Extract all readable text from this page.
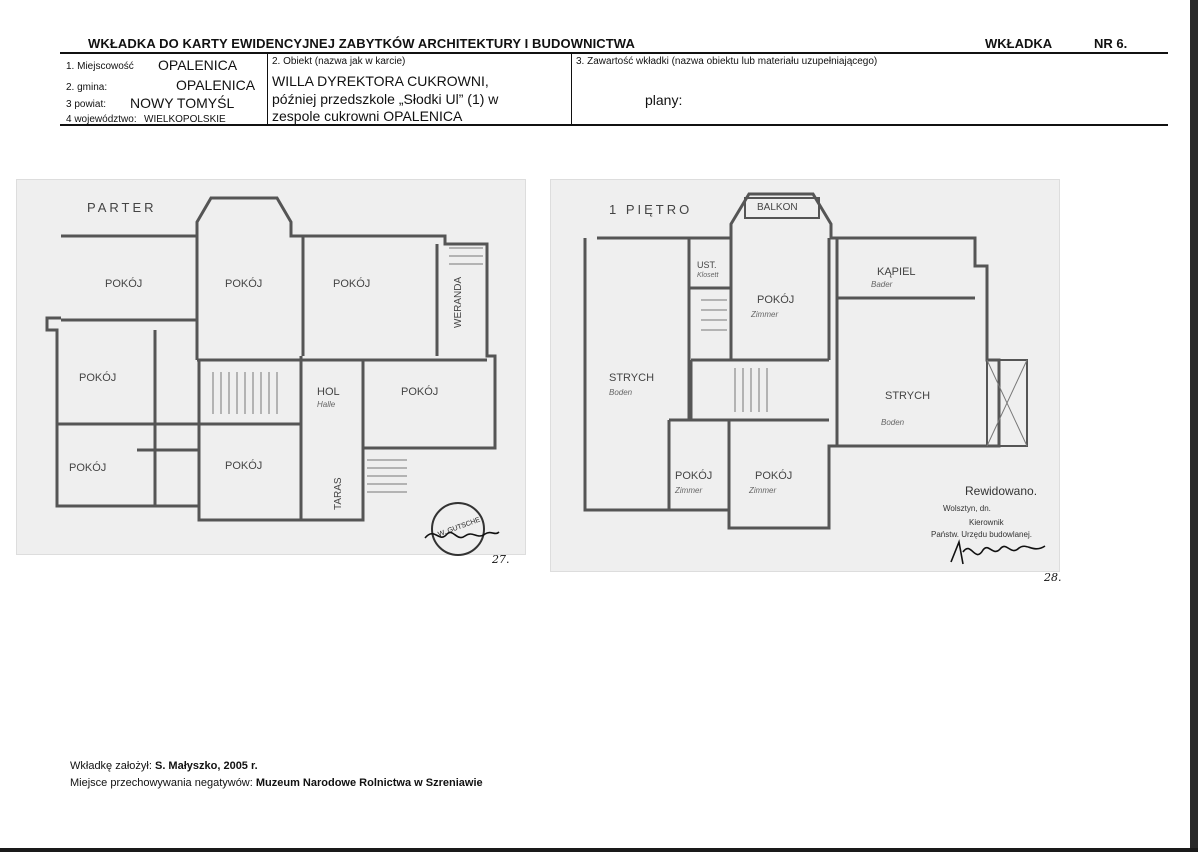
WKŁADKA DO KARTY EWIDENCYJNEJ ZABYTKÓW ARCHITEKTURY I BUDOWNICTWA	WKŁADKA	NR 6.
1. Miejscowość OPALENICA
2. gmina:	OPALENICA
3 powiat: NOWY TOMYŚL
4 województwo: WIELKOPOLSKIE
2. Obiekt (nazwa jak w karcie)
WILLA DYREKTORA CUKROWNI,
później przedszkole „Słodki Ul” (1) w
zespole cukrowni OPALENICA
3. Zawartość wkładki (nazwa obiektu lub materiału uzupełniającego)
plany:
PARTER
POKÓJ	POKÓJ	POKÓJ
POKÓJ
POKÓJ
POKÓJ	POKÓJ
HOL
Halle
WERANDA
TARAS
W. GUTSCHE
27.
1 PIĘTRO	BALKON
UST.
Klosett	KĄPIEL
Bader
STRYCH
Boden	STRYCH
Boden
POKÓJ
Zimmer
POKÓJ
Zimmer
POKÓJ
Zimmer	Rewidowano.
Wolsztyn, dn.
Kierownik
Państw. Urzędu budowlanej.
28.
Wkładkę założył: S. Małyszko, 2005 r.
Miejsce przechowywania negatywów: Muzeum Narodowe Rolnictwa w Szreniawie
